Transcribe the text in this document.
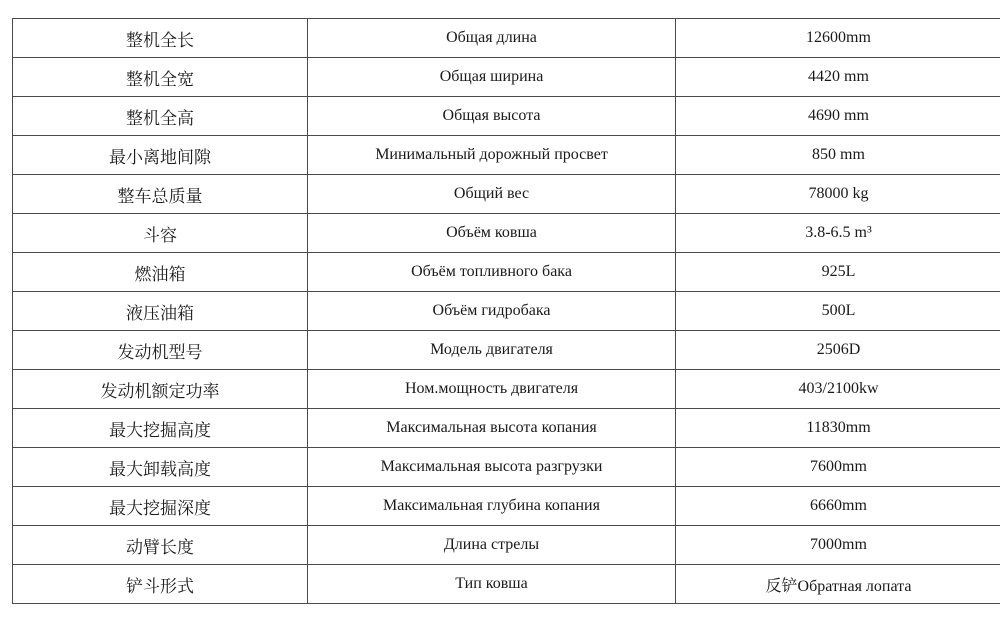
整机全长	Общая длина	12600mm
整机全宽	Общая ширина	4420 mm
整机全高	Общая высота	4690 mm
最小离地间隙	Минимальный дорожный просвет	850 mm
整车总质量	Общий вес	78000 kg
斗容	Объём ковша	3.8-6.5 m³
燃油箱	Объём топливного бака	925L
液压油箱	Объём гидробака	500L
发动机型号	Модель двигателя	2506D
发动机额定功率	Ном.мощность двигателя	403/2100kw
最大挖掘高度	Максимальная высота копания	11830mm
最大卸载高度	Максимальная высота разгрузки	7600mm
最大挖掘深度	Максимальная глубина копания	6660mm
动臂长度	Длина стрелы	7000mm
铲斗形式	Тип ковша	反铲Обратная лопата
